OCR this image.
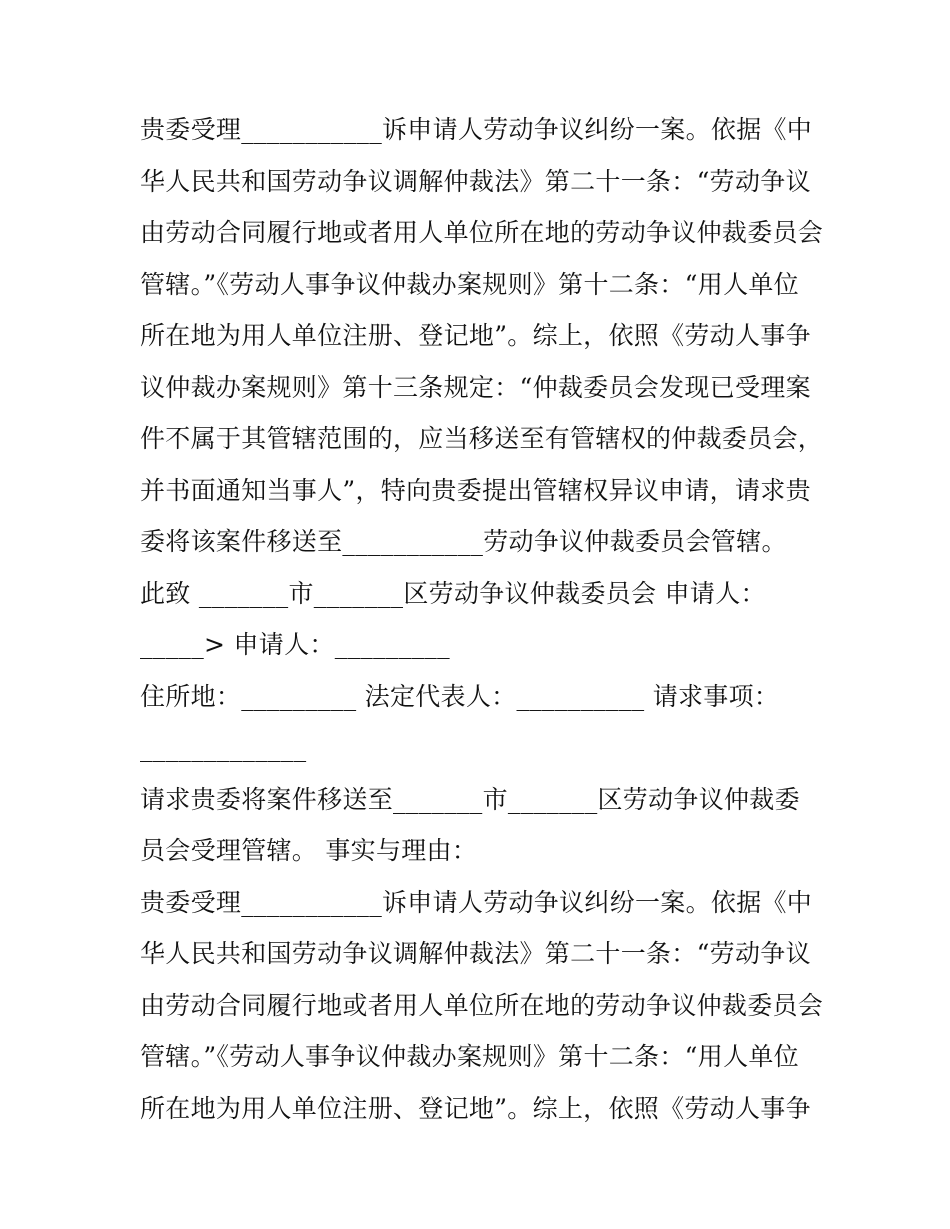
贵委受理___________诉申请人劳动争议纠纷一案。依据《中
华人民共和国劳动争议调解仲裁法》第二十一条：“劳动争议
由劳动合同履行地或者用人单位所在地的劳动争议仲裁委员会
管辖。”《劳动人事争议仲裁办案规则》第十二条：“用人单位
所在地为用人单位注册、登记地”。综上，依照《劳动人事争
议仲裁办案规则》第十三条规定：“仲裁委员会发现已受理案
件不属于其管辖范围的，应当移送至有管辖权的仲裁委员会，
并书面通知当事人”，特向贵委提出管辖权异议申请，请求贵
委将该案件移送至___________劳动争议仲裁委员会管辖。
此致 _______市_______区劳动争议仲裁委员会 申请人：
_____> 申请人：_________
住所地：_________ 法定代表人：__________ 请求事项：
_____________
请求贵委将案件移送至_______市_______区劳动争议仲裁委
员会受理管辖。 事实与理由：
贵委受理___________诉申请人劳动争议纠纷一案。依据《中
华人民共和国劳动争议调解仲裁法》第二十一条：“劳动争议
由劳动合同履行地或者用人单位所在地的劳动争议仲裁委员会
管辖。”《劳动人事争议仲裁办案规则》第十二条：“用人单位
所在地为用人单位注册、登记地”。综上，依照《劳动人事争
